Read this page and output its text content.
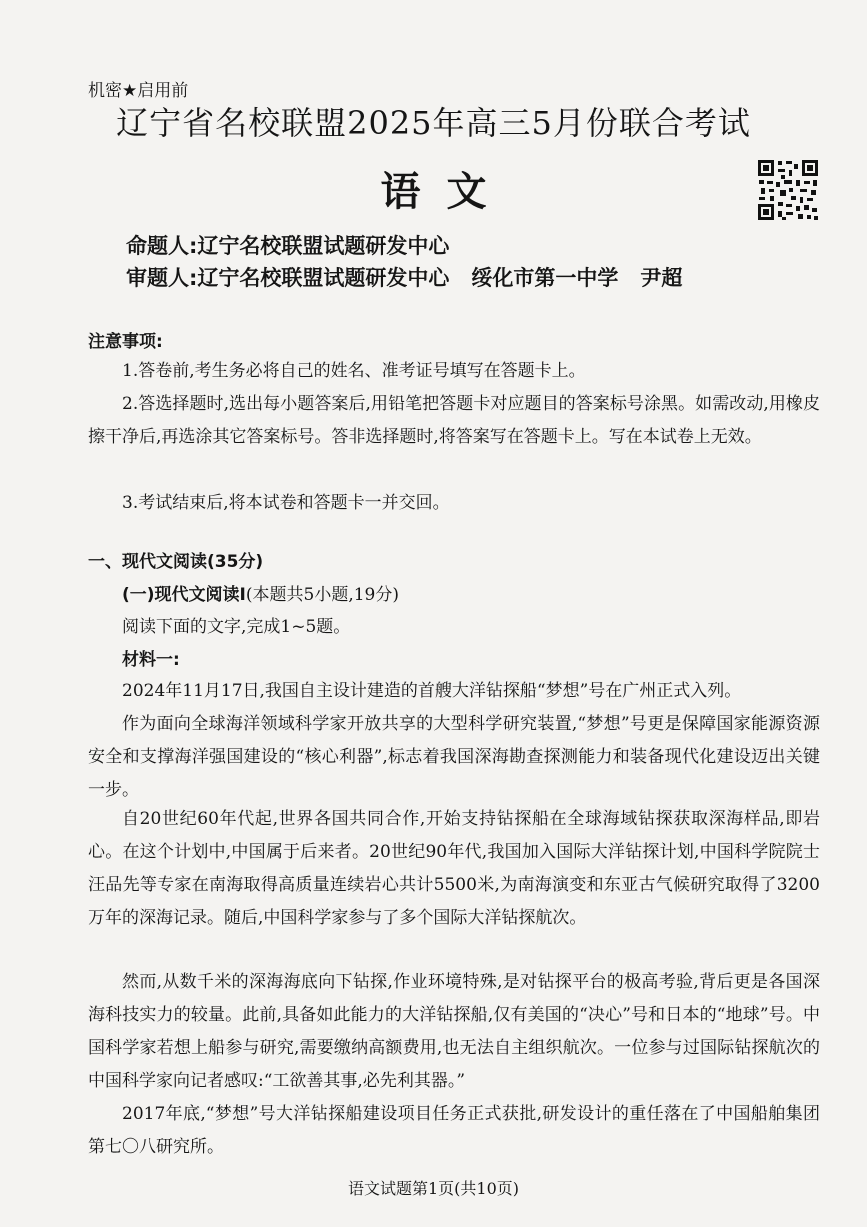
机密★启用前
辽宁省名校联盟2025年高三5月份联合考试
语文
命题人:辽宁名校联盟试题研发中心
审题人:辽宁名校联盟试题研发中心 绥化市第一中学 尹超
注意事项:
1.答卷前,考生务必将自己的姓名、准考证号填写在答题卡上。
2.答选择题时,选出每小题答案后,用铅笔把答题卡对应题目的答案标号涂黑。如需改动,用橡皮擦干净后,再选涂其它答案标号。答非选择题时,将答案写在答题卡上。写在本试卷上无效。
3.考试结束后,将本试卷和答题卡一并交回。
一、现代文阅读(35分)
(一)现代文阅读Ⅰ(本题共5小题,19分)
阅读下面的文字,完成1~5题。
材料一:
2024年11月17日,我国自主设计建造的首艘大洋钻探船“梦想”号在广州正式入列。
作为面向全球海洋领域科学家开放共享的大型科学研究装置,“梦想”号更是保障国家能源资源安全和支撑海洋强国建设的“核心利器”,标志着我国深海勘查探测能力和装备现代化建设迈出关键一步。
自20世纪60年代起,世界各国共同合作,开始支持钻探船在全球海域钻探获取深海样品,即岩心。在这个计划中,中国属于后来者。20世纪90年代,我国加入国际大洋钻探计划,中国科学院院士汪品先等专家在南海取得高质量连续岩心共计5500米,为南海演变和东亚古气候研究取得了3200万年的深海记录。随后,中国科学家参与了多个国际大洋钻探航次。
然而,从数千米的深海海底向下钻探,作业环境特殊,是对钻探平台的极高考验,背后更是各国深海科技实力的较量。此前,具备如此能力的大洋钻探船,仅有美国的“决心”号和日本的“地球”号。中国科学家若想上船参与研究,需要缴纳高额费用,也无法自主组织航次。一位参与过国际钻探航次的中国科学家向记者感叹:“工欲善其事,必先利其器。”
2017年底,“梦想”号大洋钻探船建设项目任务正式获批,研发设计的重任落在了中国船舶集团第七〇八研究所。
语文试题第1页(共10页)
